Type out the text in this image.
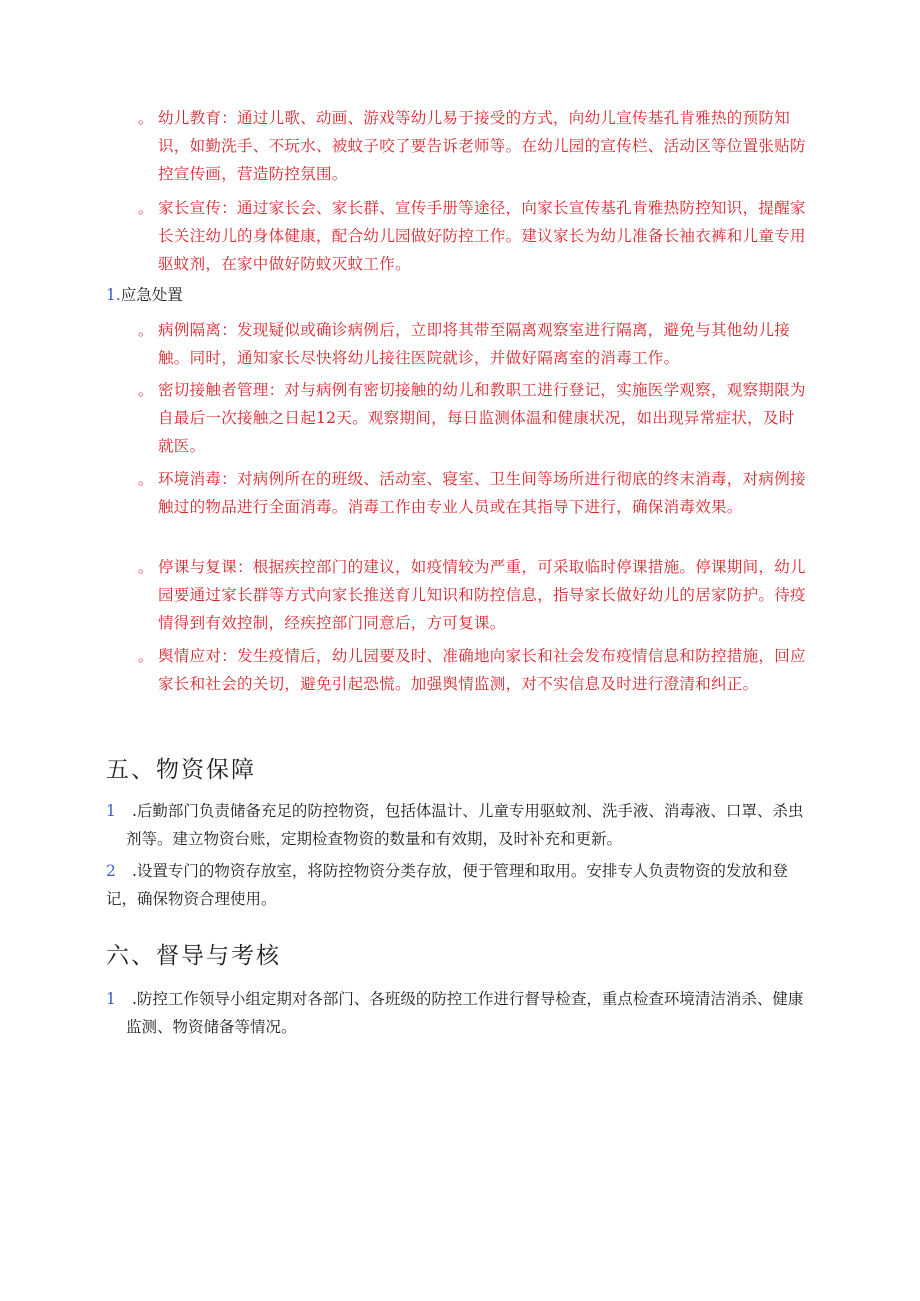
。 幼儿教育：通过儿歌、动画、游戏等幼儿易于接受的方式，向幼儿宣传基孔肯雅热的预防知识，如勤洗手、不玩水、被蚊子咬了要告诉老师等。在幼儿园的宣传栏、活动区等位置张贴防控宣传画，营造防控氛围。
。 家长宣传：通过家长会、家长群、宣传手册等途径，向家长宣传基孔肯雅热防控知识，提醒家长关注幼儿的身体健康，配合幼儿园做好防控工作。建议家长为幼儿准备长袖衣裤和儿童专用驱蚊剂，在家中做好防蚊灭蚊工作。
1.应急处置
。 病例隔离：发现疑似或确诊病例后，立即将其带至隔离观察室进行隔离，避免与其他幼儿接触。同时，通知家长尽快将幼儿接往医院就诊，并做好隔离室的消毒工作。
。 密切接触者管理：对与病例有密切接触的幼儿和教职工进行登记，实施医学观察，观察期限为自最后一次接触之日起12天。观察期间，每日监测体温和健康状况，如出现异常症状，及时就医。
。 环境消毒：对病例所在的班级、活动室、寝室、卫生间等场所进行彻底的终末消毒，对病例接触过的物品进行全面消毒。消毒工作由专业人员或在其指导下进行，确保消毒效果。
。 停课与复课：根据疾控部门的建议，如疫情较为严重，可采取临时停课措施。停课期间，幼儿园要通过家长群等方式向家长推送育儿知识和防控信息，指导家长做好幼儿的居家防护。待疫情得到有效控制，经疾控部门同意后，方可复课。
。 舆情应对：发生疫情后，幼儿园要及时、准确地向家长和社会发布疫情信息和防控措施，回应家长和社会的关切，避免引起恐慌。加强舆情监测，对不实信息及时进行澄清和纠正。
五、物资保障
1	.后勤部门负责储备充足的防控物资，包括体温计、儿童专用驱蚊剂、洗手液、消毒液、口罩、杀虫剂等。建立物资台账，定期检查物资的数量和有效期，及时补充和更新。
2	.设置专门的物资存放室，将防控物资分类存放，便于管理和取用。安排专人负责物资的发放和登记，确保物资合理使用。
六、督导与考核
1	.防控工作领导小组定期对各部门、各班级的防控工作进行督导检查，重点检查环境清洁消杀、健康监测、物资储备等情况。
